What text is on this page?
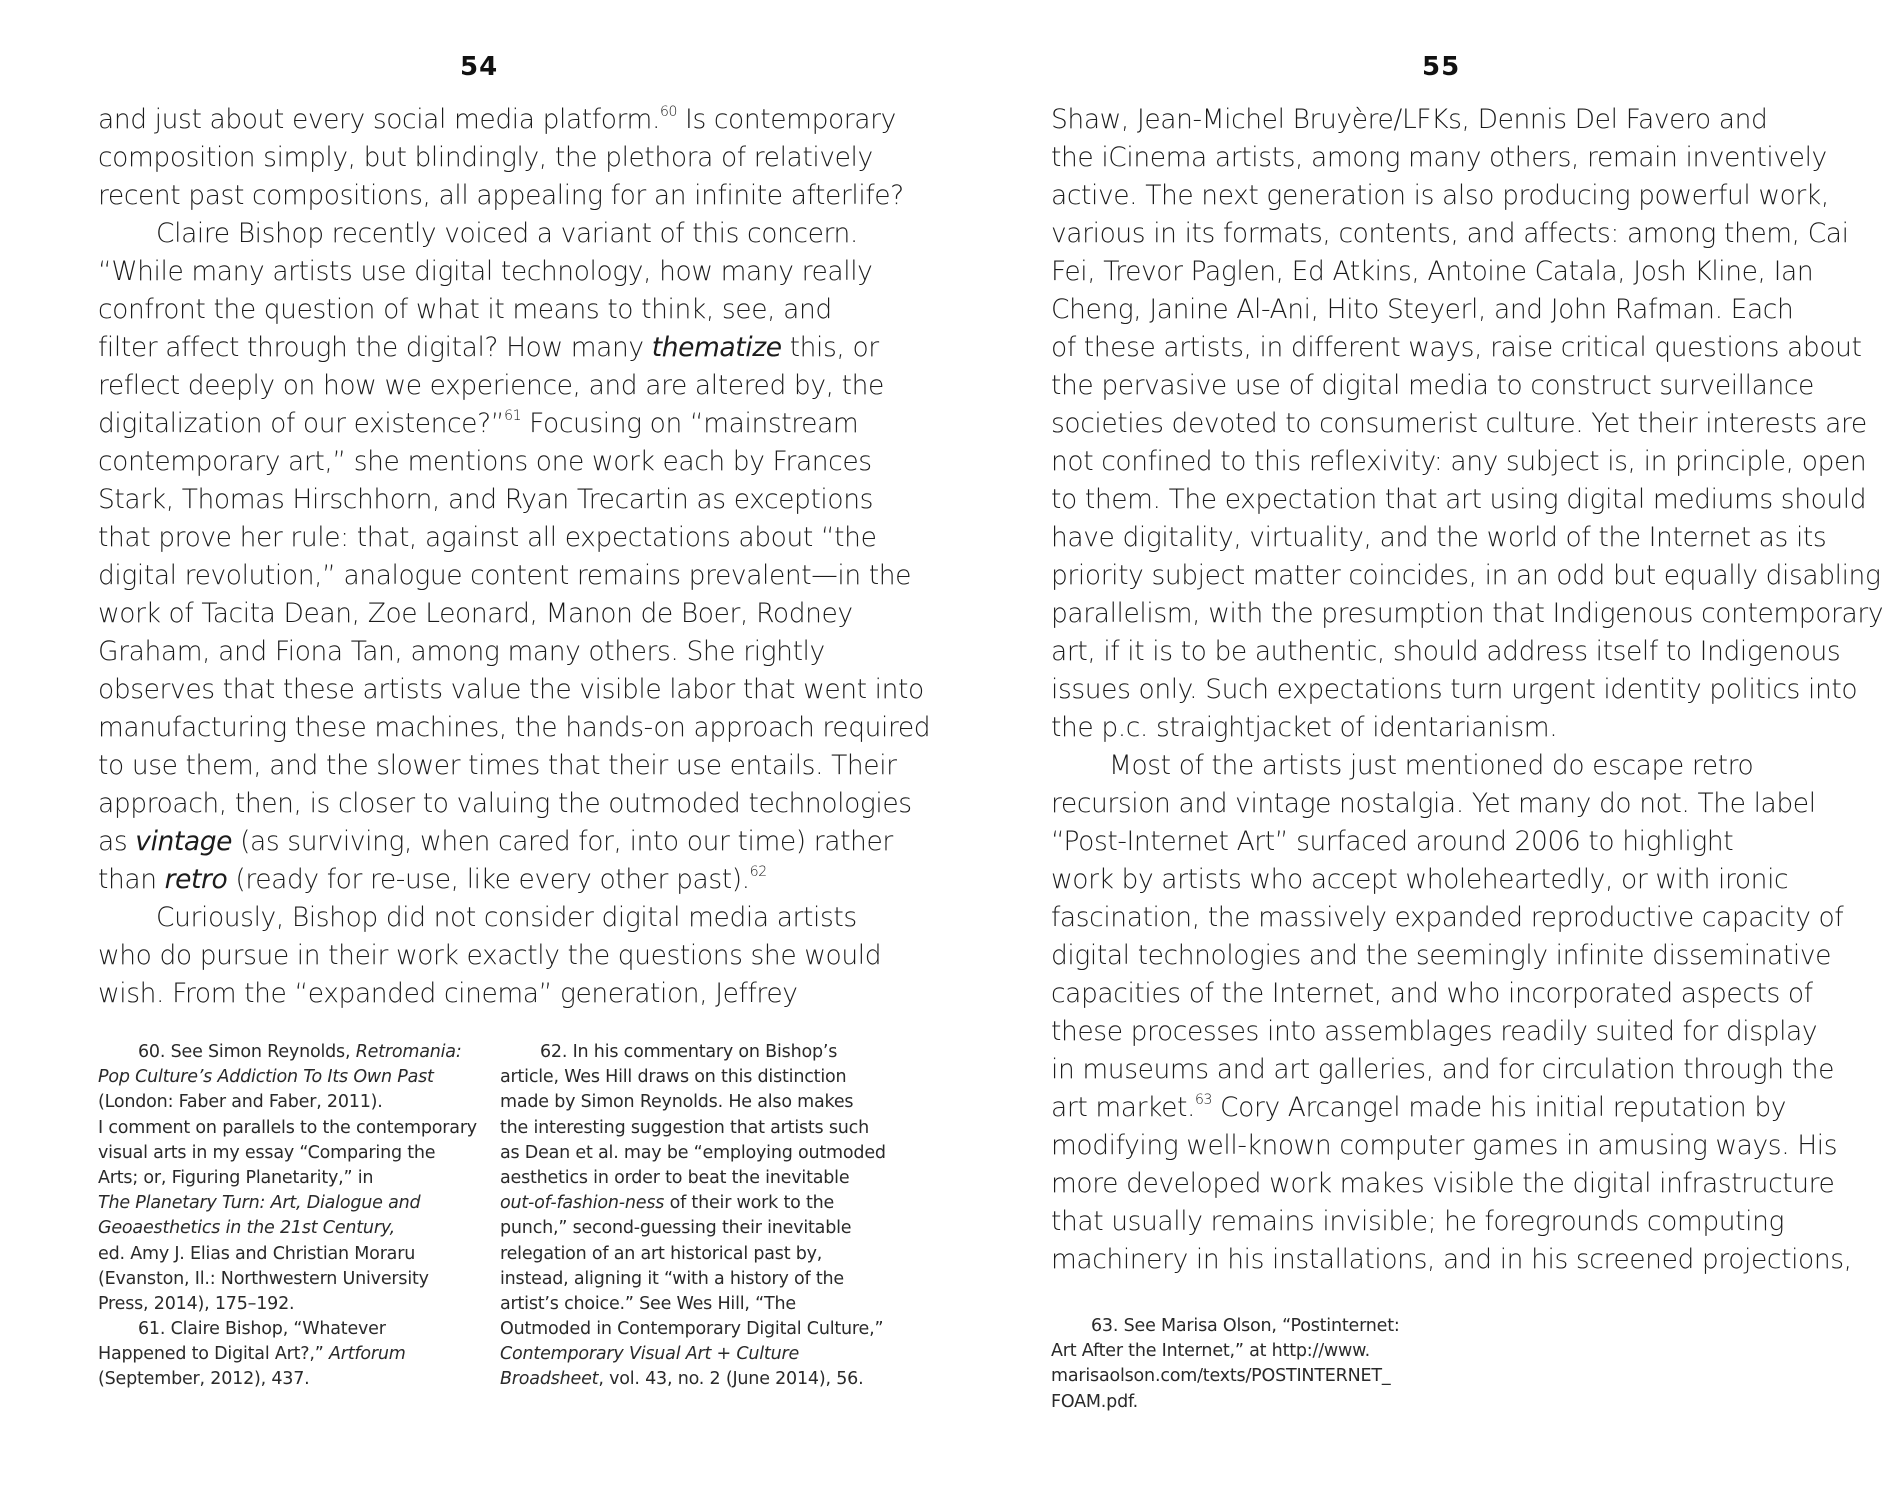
54
and just about every social media platform.$^{60}$ Is contemporary
composition simply, but blindingly, the plethora of relatively
recent past compositions, all appealing for an infinite afterlife?
Claire Bishop recently voiced a variant of this concern.
“While many artists use digital technology, how many really
confront the question of what it means to think, see, and
filter affect through the digital? How many thematize this, or
reflect deeply on how we experience, and are altered by, the
digitalization of our existence?”$^{61}$ Focusing on “mainstream
contemporary art,” she mentions one work each by Frances
Stark, Thomas Hirschhorn, and Ryan Trecartin as exceptions
that prove her rule: that, against all expectations about “the
digital revolution,” analogue content remains prevalent—in the
work of Tacita Dean, Zoe Leonard, Manon de Boer, Rodney
Graham, and Fiona Tan, among many others. She rightly
observes that these artists value the visible labor that went into
manufacturing these machines, the hands-on approach required
to use them, and the slower times that their use entails. Their
approach, then, is closer to valuing the outmoded technologies
as vintage (as surviving, when cared for, into our time) rather
than retro (ready for re-use, like every other past).$^{62}$
Curiously, Bishop did not consider digital media artists
who do pursue in their work exactly the questions she would
wish. From the “expanded cinema” generation, Jeffrey
60. See Simon Reynolds, Retromania:
Pop Culture’s Addiction To Its Own Past
(London: Faber and Faber, 2011).
I comment on parallels to the contemporary
visual arts in my essay “Comparing the
Arts; or, Figuring Planetarity,” in
The Planetary Turn: Art, Dialogue and
Geoaesthetics in the 21st Century,
ed. Amy J. Elias and Christian Moraru
(Evanston, Il.: Northwestern University
Press, 2014), 175–192.
61. Claire Bishop, “Whatever
Happened to Digital Art?,” Artforum
(September, 2012), 437.
62. In his commentary on Bishop’s
article, Wes Hill draws on this distinction
made by Simon Reynolds. He also makes
the interesting suggestion that artists such
as Dean et al. may be “employing outmoded
aesthetics in order to beat the inevitable
out-of-fashion-ness of their work to the
punch,” second-guessing their inevitable
relegation of an art historical past by,
instead, aligning it “with a history of the
artist’s choice.” See Wes Hill, “The
Outmoded in Contemporary Digital Culture,”
Contemporary Visual Art + Culture
Broadsheet, vol. 43, no. 2 (June 2014), 56.
55
Shaw, Jean-Michel Bruyère/LFKs, Dennis Del Favero and
the iCinema artists, among many others, remain inventively
active. The next generation is also producing powerful work,
various in its formats, contents, and affects: among them, Cai
Fei, Trevor Paglen, Ed Atkins, Antoine Catala, Josh Kline, Ian
Cheng, Janine Al-Ani, Hito Steyerl, and John Rafman. Each
of these artists, in different ways, raise critical questions about
the pervasive use of digital media to construct surveillance
societies devoted to consumerist culture. Yet their interests are
not confined to this reflexivity: any subject is, in principle, open
to them. The expectation that art using digital mediums should
have digitality, virtuality, and the world of the Internet as its
priority subject matter coincides, in an odd but equally disabling
parallelism, with the presumption that Indigenous contemporary
art, if it is to be authentic, should address itself to Indigenous
issues only. Such expectations turn urgent identity politics into
the p.c. straightjacket of identarianism.
Most of the artists just mentioned do escape retro
recursion and vintage nostalgia. Yet many do not. The label
“Post-Internet Art” surfaced around 2006 to highlight
work by artists who accept wholeheartedly, or with ironic
fascination, the massively expanded reproductive capacity of
digital technologies and the seemingly infinite disseminative
capacities of the Internet, and who incorporated aspects of
these processes into assemblages readily suited for display
in museums and art galleries, and for circulation through the
art market.$^{63}$ Cory Arcangel made his initial reputation by
modifying well-known computer games in amusing ways. His
more developed work makes visible the digital infrastructure
that usually remains invisible; he foregrounds computing
machinery in his installations, and in his screened projections,
63. See Marisa Olson, “Postinternet:
Art After the Internet,” at http://www.
marisaolson.com/texts/POSTINTERNET_
FOAM.pdf.
